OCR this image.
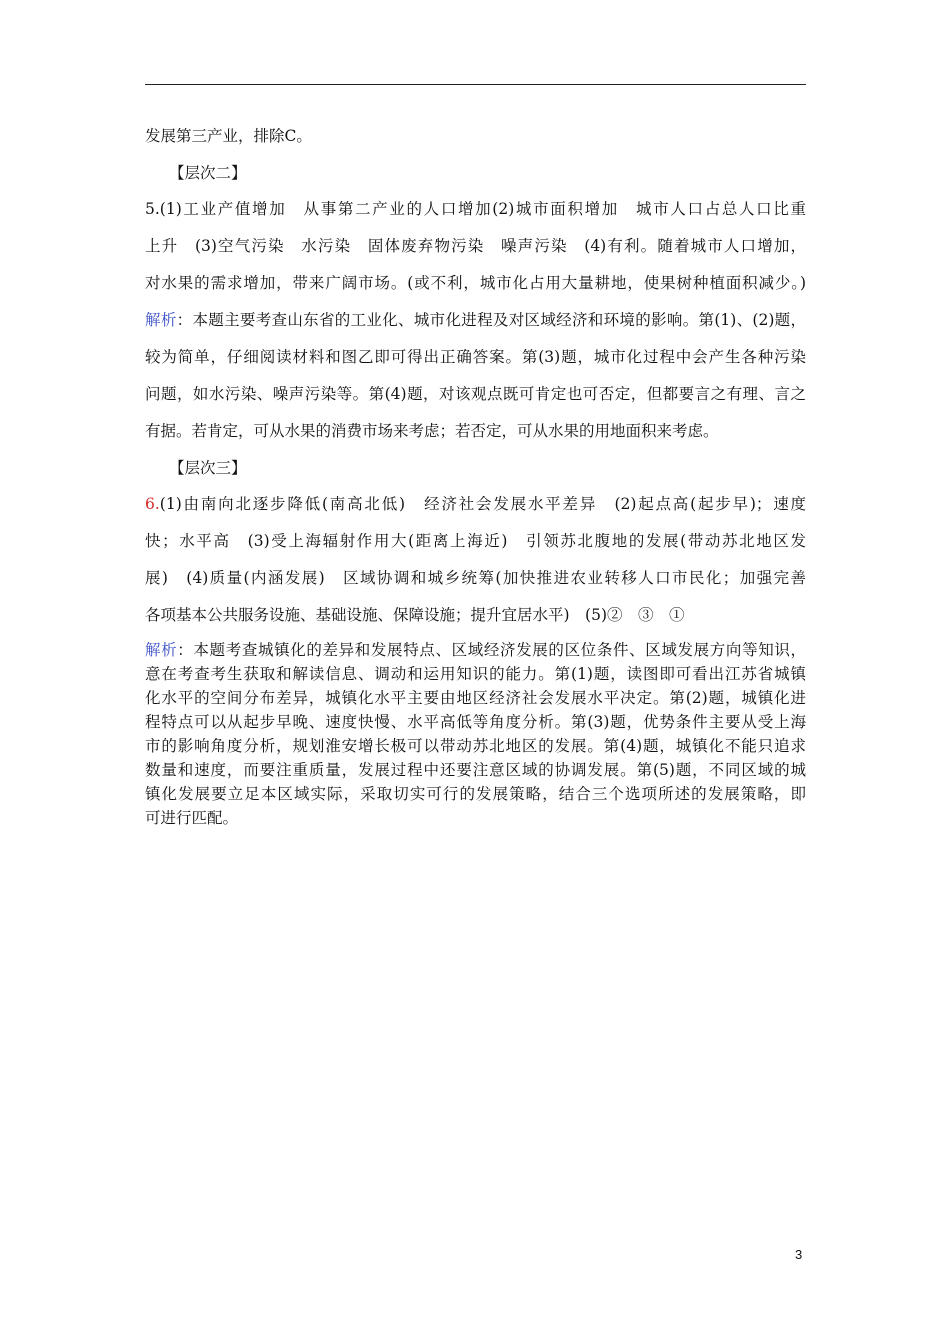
发展第三产业，排除C。

【层次二】

5.(1)工业产值增加　从事第二产业的人口增加(2)城市面积增加　城市人口占总人口比重

上升　(3)空气污染　水污染　固体废弃物污染　噪声污染　(4)有利。随着城市人口增加，

对水果的需求增加，带来广阔市场。(或不利，城市化占用大量耕地，使果树种植面积减少。)

解析：本题主要考查山东省的工业化、城市化进程及对区域经济和环境的影响。第(1)、(2)题，

较为简单，仔细阅读材料和图乙即可得出正确答案。第(3)题，城市化过程中会产生各种污染

问题，如水污染、噪声污染等。第(4)题，对该观点既可肯定也可否定，但都要言之有理、言之

有据。若肯定，可从水果的消费市场来考虑；若否定，可从水果的用地面积来考虑。

【层次三】

6.(1)由南向北逐步降低(南高北低)　经济社会发展水平差异　(2)起点高(起步早)；速度

快；水平高　(3)受上海辐射作用大(距离上海近)　引领苏北腹地的发展(带动苏北地区发

展)　(4)质量(内涵发展)　区域协调和城乡统筹(加快推进农业转移人口市民化；加强完善

各项基本公共服务设施、基础设施、保障设施；提升宜居水平)　(5)②　③　①

解析：本题考查城镇化的差异和发展特点、区域经济发展的区位条件、区域发展方向等知识，

意在考查考生获取和解读信息、调动和运用知识的能力。第(1)题，读图即可看出江苏省城镇

化水平的空间分布差异，城镇化水平主要由地区经济社会发展水平决定。第(2)题，城镇化进

程特点可以从起步早晚、速度快慢、水平高低等角度分析。第(3)题，优势条件主要从受上海

市的影响角度分析，规划淮安增长极可以带动苏北地区的发展。第(4)题，城镇化不能只追求

数量和速度，而要注重质量，发展过程中还要注意区域的协调发展。第(5)题，不同区域的城

镇化发展要立足本区域实际，采取切实可行的发展策略，结合三个选项所述的发展策略，即

可进行匹配。

3
